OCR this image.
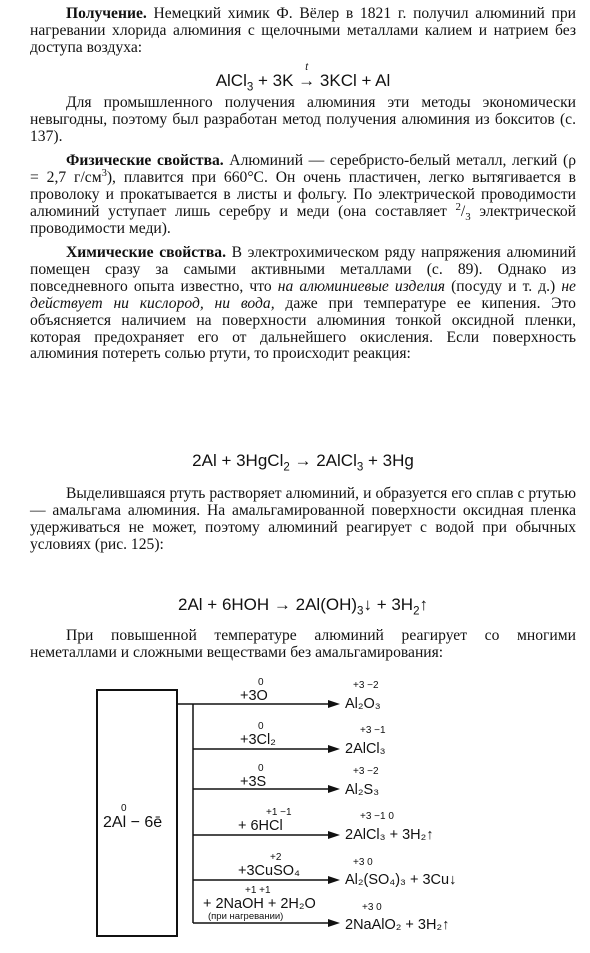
Получение. Немецкий химик Ф. Вёлер в 1821 г. получил алюминий при нагревании хлорида алюминия с щелочными металлами калием и натрием без доступа воздуха:
AlCl$_3$ + 3K
t
→ 3KCl + Al
Для промышленного получения алюминия эти методы экономически невыгодны, поэтому был разработан метод получения алюминия из бокситов (с. 137).
Физические свойства. Алюминий — серебристо-белый металл, легкий (ρ = 2,7 $г/см^3$), плавится при 660°С. Он очень пластичен, легко вытягивается в проволоку и прокатывается в листы и фольгу. По электрической проводимости алюминий уступает лишь серебру и меди (она составляет $^2/_3$ электрической проводимости меди).
Химические свойства. В электрохимическом ряду напряжения алюминий помещен сразу за самыми активными металлами (с. 89). Однако из повседневного опыта известно, что на алюминиевые изделия (посуду и т. д.) не действует ни кислород, ни вода, даже при температуре ее кипения. Это объясняется наличием на поверхности алюминия тонкой оксидной пленки, которая предохраняет его от дальнейшего окисления. Если поверхность алюминия потереть солью ртути, то происходит реакция:
2Al + 3HgCl$_2$ → 2AlCl$_3$ + 3Hg
Выделившаяся ртуть растворяет алюминий, и образуется его сплав с ртутью — амальгама алюминия. На амальгамированной поверхности оксидная пленка удерживаться не может, поэтому алюминий реагирует с водой при обычных условиях (рис. 125):
$2Al + 6HOH \to 2Al(OH)_3↓$ + $3H_2↑$
При повышенной температуре алюминий реагирует со многими неметаллами и сложными веществами без амальгамирования:
0
2Al − 6ē
0
+3O
+3 −2
Al₂O₃
0
+3Cl₂
+3 −1
2AlCl₃
0
+3S
+3 −2
Al₂S₃
+1 −1
+ 6HCl
+3 −1 0
2AlCl₃ + 3H₂↑
+2
+3CuSO₄
+3 0
Al₂(SO₄)₃ + 3Cu↓
+1 +1
+ 2NaOH + 2H₂O
(при нагревании)
+3 0
2NaAlO₂ + 3H₂↑
